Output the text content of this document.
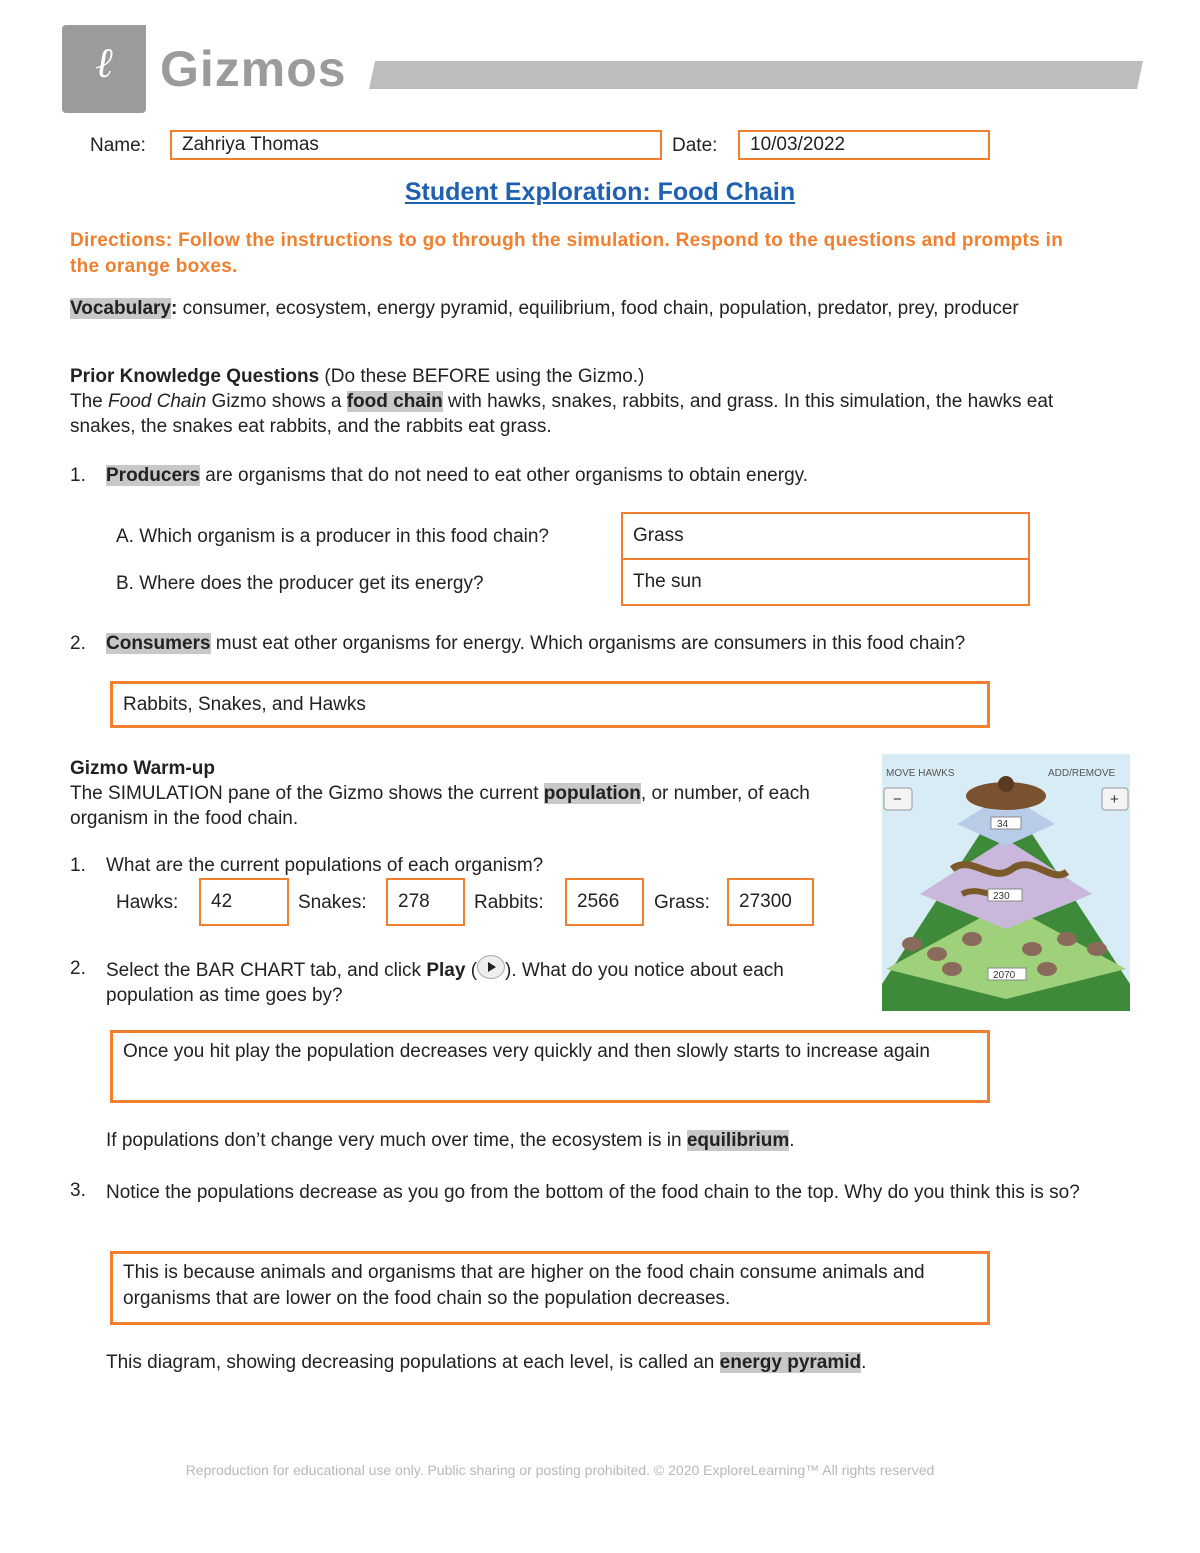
ℓ Gizmos
Name:	Zahriya Thomas	Date:	10/03/2022
Student Exploration: Food Chain
Directions: Follow the instructions to go through the simulation. Respond to the questions and prompts in the orange boxes.
Vocabulary: consumer, ecosystem, energy pyramid, equilibrium, food chain, population, predator, prey, producer
Prior Knowledge Questions (Do these BEFORE using the Gizmo.)
The Food Chain Gizmo shows a food chain with hawks, snakes, rabbits, and grass. In this simulation, the hawks eat snakes, the snakes eat rabbits, and the rabbits eat grass.
1. Producers are organisms that do not need to eat other organisms to obtain energy.
A. Which organism is a producer in this food chain?	Grass
B. Where does the producer get its energy?	The sun
2. Consumers must eat other organisms for energy. Which organisms are consumers in this food chain?
Rabbits, Snakes, and Hawks
Gizmo Warm-up
The SIMULATION pane of the Gizmo shows the current population, or number, of each organism in the food chain.
MOVE HAWKS	ADD/REMOVE
−	+
34
230
2070
1. What are the current populations of each organism?
Hawks:	42	Snakes:	278	Rabbits:	2566	Grass:	27300
2. Select the BAR CHART tab, and click Play ( ). What do you notice about each population as time goes by?
Once you hit play the population decreases very quickly and then slowly starts to increase again
If populations don’t change very much over time, the ecosystem is in equilibrium.
3. Notice the populations decrease as you go from the bottom of the food chain to the top. Why do you think this is so?
This is because animals and organisms that are higher on the food chain consume animals and organisms that are lower on the food chain so the population decreases.
This diagram, showing decreasing populations at each level, is called an energy pyramid.
Reproduction for educational use only. Public sharing or posting prohibited. © 2020 ExploreLearning™ All rights reserved
